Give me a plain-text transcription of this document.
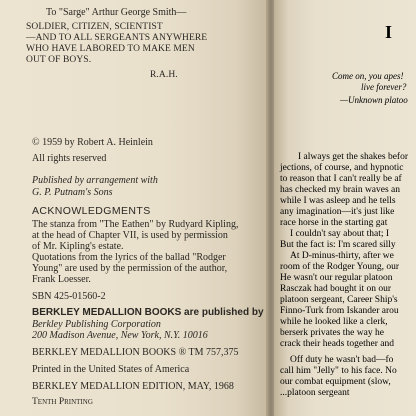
To "Sarge" Arthur George Smith—
SOLDIER, CITIZEN, SCIENTIST
—AND TO ALL SERGEANTS ANYWHERE
WHO HAVE LABORED TO MAKE MEN
OUT OF BOYS.
R.A.H.
© 1959 by Robert A. Heinlein
All rights reserved
Published by arrangement with
G. P. Putnam's Sons
ACKNOWLEDGMENTS
The stanza from "The Eathen" by Rudyard Kipling,
at the head of Chapter VII, is used by permission
of Mr. Kipling's estate.
Quotations from the lyrics of the ballad "Rodger
Young" are used by the permission of the author,
Frank Loesser.
SBN 425-01560-2
BERKLEY MEDALLION BOOKS are published by
Berkley Publishing Corporation
200 Madison Avenue, New York, N.Y. 10016
BERKLEY MEDALLION BOOKS ® TM 757,375
Printed in the United States of America
BERKLEY MEDALLION EDITION, MAY, 1968
Tenth Printing
I
Come on, you apes!
live forever?
—Unknown platoo
I always get the shakes befor
jections, of course, and hypnotic
to reason that I can't really be af
has checked my brain waves an
while I was asleep and he tells
any imagination—it's just like
race horse in the starting gat
I couldn't say about that; I
But the fact is: I'm scared silly
At D-minus-thirty, after we
room of the Rodger Young, our
He wasn't our regular platoon
Rasczak had bought it on our
platoon sergeant, Career Ship's
Finno-Turk from Iskander arou
while he looked like a clerk,
berserk privates the way he
crack their heads together and
Off duty he wasn't bad—fo
call him "Jelly" to his face. No
our combat equipment (slow,
...platoon sergeant
